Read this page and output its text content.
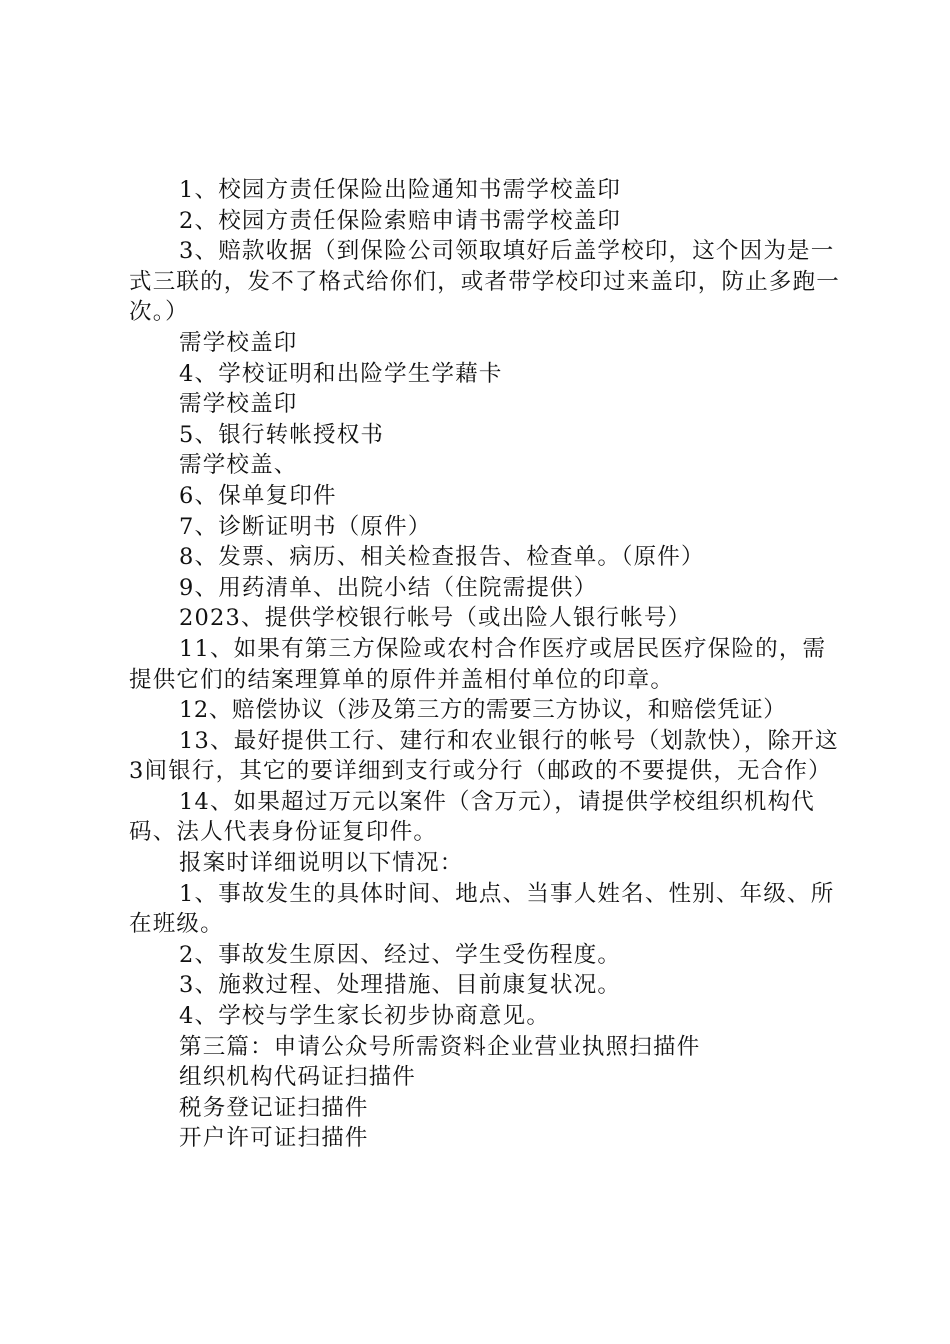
1、校园方责任保险出险通知书需学校盖印

2、校园方责任保险索赔申请书需学校盖印

3、赔款收据（到保险公司领取填好后盖学校印，这个因为是一式三联的，发不了格式给你们，或者带学校印过来盖印，防止多跑一次。）

需学校盖印

4、学校证明和出险学生学藉卡

需学校盖印

5、银行转帐授权书

需学校盖、

6、保单复印件

7、诊断证明书（原件）

8、发票、病历、相关检查报告、检查单。（原件）

9、用药清单、出院小结（住院需提供）

2023、提供学校银行帐号（或出险人银行帐号）

11、如果有第三方保险或农村合作医疗或居民医疗保险的，需提供它们的结案理算单的原件并盖相付单位的印章。

12、赔偿协议（涉及第三方的需要三方协议，和赔偿凭证）

13、最好提供工行、建行和农业银行的帐号（划款快），除开这3间银行，其它的要详细到支行或分行（邮政的不要提供，无合作）

14、如果超过万元以案件（含万元），请提供学校组织机构代码、法人代表身份证复印件。

报案时详细说明以下情况：

1、事故发生的具体时间、地点、当事人姓名、性别、年级、所在班级。

2、事故发生原因、经过、学生受伤程度。

3、施救过程、处理措施、目前康复状况。

4、学校与学生家长初步协商意见。

第三篇：申请公众号所需资料企业营业执照扫描件

组织机构代码证扫描件

税务登记证扫描件

开户许可证扫描件
